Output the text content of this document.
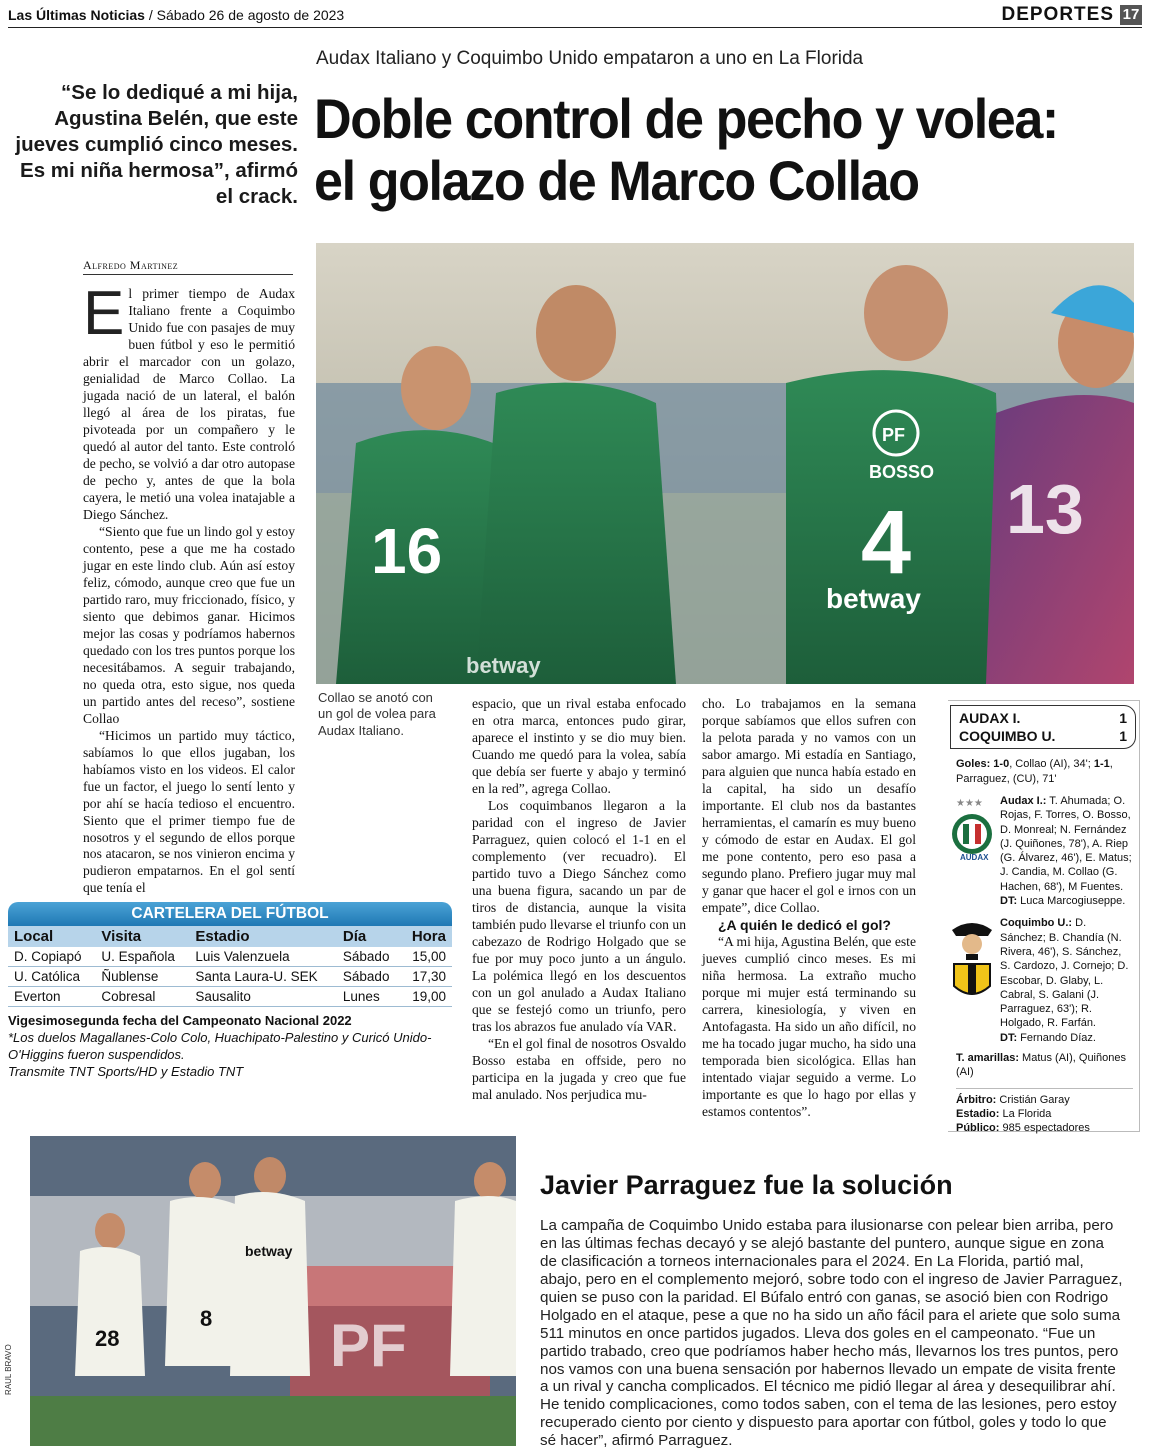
Las Últimas Noticias / Sábado 26 de agosto de 2023	DEPORTES 17
“Se lo dediqué a mi hija, Agustina Belén, que este jueves cumplió cinco meses. Es mi niña hermosa”, afirmó el crack.
Audax Italiano y Coquimbo Unido empataron a uno en La Florida
Doble control de pecho y volea:
el golazo de Marco Collao
Alfredo Martinez

El primer tiempo de Audax Italiano frente a Coquimbo Unido fue con pasajes de muy buen fútbol y eso le permitió abrir el marcador con un golazo, genialidad de Marco Collao. La jugada nació de un lateral, el balón llegó al área de los piratas, fue pivoteada por un compañero y le quedó al autor del tanto. Este controló de pecho, se volvió a dar otro autopase de pecho y, antes de que la bola cayera, le metió una volea inatajable a Diego Sánchez.

“Siento que fue un lindo gol y estoy contento, pese a que me ha costado jugar en este lindo club. Aún así estoy feliz, cómodo, aunque creo que fue un partido raro, muy friccionado, físico, y siento que debimos ganar. Hicimos mejor las cosas y podríamos habernos quedado con los tres puntos porque los necesitábamos. A seguir trabajando, no queda otra, esto sigue, nos queda un partido antes del receso”, sostiene Collao

“Hicimos un partido muy táctico, sabíamos lo que ellos jugaban, los habíamos visto en los videos. El calor fue un factor, el juego lo sentí lento y por ahí se hacía tedioso el encuentro. Siento que el primer tiempo fue de nosotros y el segundo de ellos porque nos atacaron, se nos vinieron encima y pudieron empatarnos. En el gol sentí que tenía el

16
PF
BOSSO
4
betway
13
betway
Collao se anotó con un gol de volea para Audax Italiano.

espacio, que un rival estaba enfocado en otra marca, entonces pudo girar, aparece el instinto y se dio muy bien. Cuando me quedó para la volea, sabía que debía ser fuerte y abajo y terminó en la red”, agrega Collao.

Los coquimbanos llegaron a la paridad con el ingreso de Javier Parraguez, quien colocó el 1-1 en el complemento (ver recuadro). El partido tuvo a Diego Sánchez como una buena figura, sacando un par de tiros de distancia, aunque la visita también pudo llevarse el triunfo con un cabezazo de Rodrigo Holgado que se fue por muy poco junto a un ángulo. La polémica llegó en los descuentos con un gol anulado a Audax Italiano que se festejó como un triunfo, pero tras los abrazos fue anulado vía VAR.

“En el gol final de nosotros Osvaldo Bosso estaba en offside, pero no participa en la jugada y creo que fue mal anulado. Nos perjudica mu-

cho. Lo trabajamos en la semana porque sabíamos que ellos sufren con la pelota parada y no vamos con un sabor amargo. Mi estadía en Santiago, para alguien que nunca había estado en la capital, ha sido un desafío importante. El club nos da bastantes herramientas, el camarín es muy bueno y cómodo de estar en Audax. El gol me pone contento, pero eso pasa a segundo plano. Prefiero jugar muy mal y ganar que hacer el gol e irnos con un empate”, dice Collao.

¿A quién le dedicó el gol?

“A mi hija, Agustina Belén, que este jueves cumplió cinco meses. Es mi niña hermosa. La extraño mucho porque mi mujer está terminando su carrera, kinesiología, y viven en Antofagasta. Ha sido un año difícil, no me ha tocado jugar mucho, ha sido una temporada bien sicológica. Ellas han intentado viajar seguido a verme. Lo importante es que lo hago por ellas y estamos contentos”.

AUDAX I.	1
COQUIMBO U.	1
Goles: 1-0, Collao (AI), 34'; 1-1, Parraguez, (CU), 71'
★★★
AUDAX
Audax I.: T. Ahumada; O. Rojas, F. Torres, O. Bosso, D. Monreal; N. Fernández (J. Quiñones, 78'), A. Riep (G. Álvarez, 46'), E. Matus; J. Candia, M. Collao (G. Hachen, 68'), M Fuentes.
DT: Luca Marcogiuseppe.
Coquimbo U.: D. Sánchez; B. Chandía (N. Rivera, 46'), S. Sánchez, S. Cardozo, J. Cornejo; D. Escobar, D. Glaby, L. Cabral, S. Galani (J. Parraguez, 63'); R. Holgado, R. Farfán.
DT: Fernando Díaz.
T. amarillas: Matus (AI), Quiñones (AI)
Árbitro: Cristián Garay
Estadio: La Florida
Público: 985 espectadores
CARTELERA DEL FÚTBOL
Local	Visita	Estadio	Día	Hora
D. Copiapó	U. Española	Luis Valenzuela	Sábado	15,00
U. Católica	Ñublense	Santa Laura-U. SEK	Sábado	17,30
Everton	Cobresal	Sausalito	Lunes	19,00
Vigesimosegunda fecha del Campeonato Nacional 2022
*Los duelos Magallanes-Colo Colo, Huachipato-Palestino y Curicó Unido-O'Higgins fueron suspendidos.
Transmite TNT Sports/HD y Estadio TNT
PF
betway
28
8
RAUL BRAVO
Javier Parraguez fue la solución
La campaña de Coquimbo Unido estaba para ilusionarse con pelear bien arriba, pero en las últimas fechas decayó y se alejó bastante del puntero, aunque sigue en zona de clasificación a torneos internacionales para el 2024. En La Florida, partió mal, abajo, pero en el complemento mejoró, sobre todo con el ingreso de Javier Parraguez, quien se puso con la paridad. El Búfalo entró con ganas, se asoció bien con Rodrigo Holgado en el ataque, pese a que no ha sido un año fácil para el ariete que solo suma 511 minutos en once partidos jugados. Lleva dos goles en el campeonato. “Fue un partido trabado, creo que podríamos haber hecho más, llevarnos los tres puntos, pero nos vamos con una buena sensación por habernos llevado un empate de visita frente a un rival y cancha complicados. El técnico me pidió llegar al área y desequilibrar ahí. He tenido complicaciones, como todos saben, con el tema de las lesiones, pero estoy recuperado ciento por ciento y dispuesto para aportar con fútbol, goles y todo lo que sé hacer”, afirmó Parraguez.
